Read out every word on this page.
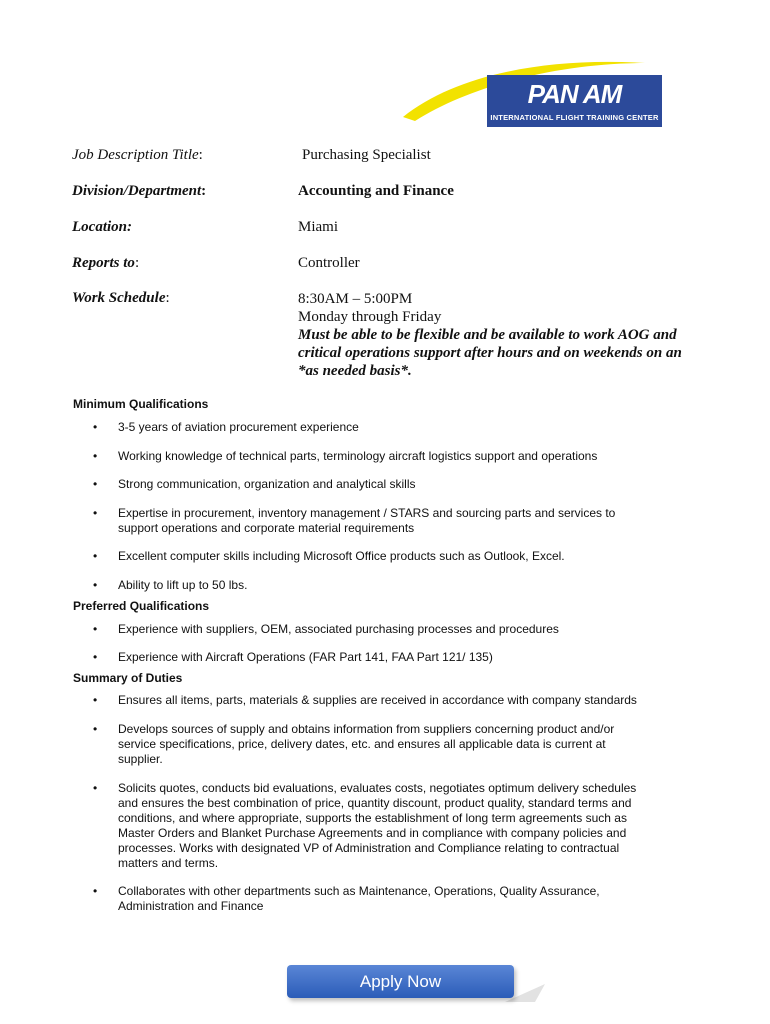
PAN AM
INTERNATIONAL FLIGHT TRAINING CENTER
Job Description Title:	Purchasing Specialist
Division/Department:	Accounting and Finance
Location:	Miami
Reports to:	Controller
Work Schedule:	8:30AM – 5:00PM
Monday through Friday
Must be able to be flexible and be available to work AOG and critical operations support after hours and on weekends on an *as needed basis*.
Minimum Qualifications
• 3-5 years of aviation procurement experience
• Working knowledge of technical parts, terminology aircraft logistics support and operations
• Strong communication, organization and analytical skills
• Expertise in procurement, inventory management / STARS and sourcing parts and services to support operations and corporate material requirements
• Excellent computer skills including Microsoft Office products such as Outlook, Excel.
• Ability to lift up to 50 lbs.
Preferred Qualifications
• Experience with suppliers, OEM, associated purchasing processes and procedures
• Experience with Aircraft Operations (FAR Part 141, FAA Part 121/ 135)
Summary of Duties
• Ensures all items, parts, materials & supplies are received in accordance with company standards
• Develops sources of supply and obtains information from suppliers concerning product and/or service specifications, price, delivery dates, etc. and ensures all applicable data is current at supplier.
• Solicits quotes, conducts bid evaluations, evaluates costs, negotiates optimum delivery schedules and ensures the best combination of price, quantity discount, product quality, standard terms and conditions, and where appropriate, supports the establishment of long term agreements such as Master Orders and Blanket Purchase Agreements and in compliance with company policies and processes. Works with designated VP of Administration and Compliance relating to contractual matters and terms.
• Collaborates with other departments such as Maintenance, Operations, Quality Assurance, Administration and Finance
Apply Now
